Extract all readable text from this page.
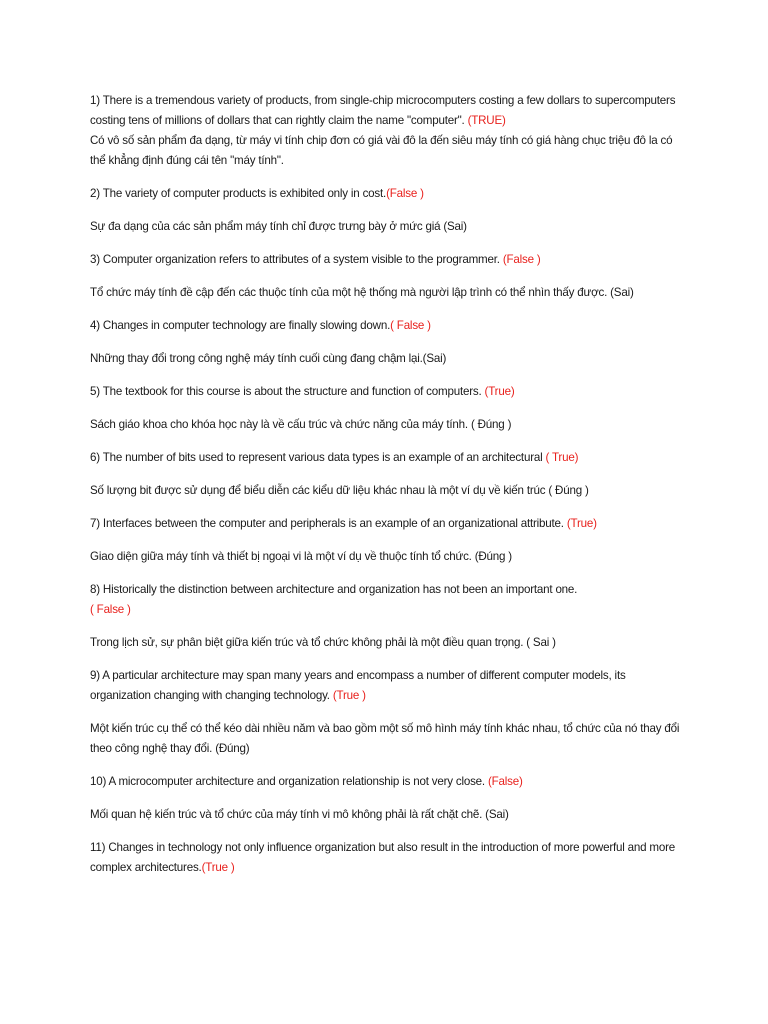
1) There is a tremendous variety of products, from single-chip microcomputers costing a few dollars to supercomputers costing tens of millions of dollars that can rightly claim the name "computer". (TRUE)
Có vô số sản phẩm đa dạng, từ máy vi tính chip đơn có giá vài đô la đến siêu máy tính có giá hàng chục triệu đô la có thể khẳng định đúng cái tên "máy tính".
2) The variety of computer products is exhibited only in cost.(False )
Sự đa dạng của các sản phẩm máy tính chỉ được trưng bày ở mức giá (Sai)
3) Computer organization refers to attributes of a system visible to the programmer. (False )
Tổ chức máy tính đề cập đến các thuộc tính của một hệ thống mà người lập trình có thể nhìn thấy được. (Sai)
4) Changes in computer technology are finally slowing down.( False )
Những thay đổi trong công nghệ máy tính cuối cùng đang chậm lại.(Sai)
5) The textbook for this course is about the structure and function of computers. (True)
Sách giáo khoa cho khóa học này là về cấu trúc và chức năng của máy tính. ( Đúng )
6) The number of bits used to represent various data types is an example of an architectural ( True)
Số lượng bit được sử dụng để biểu diễn các kiểu dữ liệu khác nhau là một ví dụ về kiến trúc ( Đúng )
7) Interfaces between the computer and peripherals is an example of an organizational attribute. (True)
Giao diện giữa máy tính và thiết bị ngoại vi là một ví dụ về thuộc tính tổ chức. (Đúng )
8) Historically the distinction between architecture and organization has not been an important one.
( False )
Trong lịch sử, sự phân biệt giữa kiến trúc và tổ chức không phải là một điều quan trọng. ( Sai )
9) A particular architecture may span many years and encompass a number of different computer models, its organization changing with changing technology. (True )
Một kiến trúc cụ thể có thể kéo dài nhiều năm và bao gồm một số mô hình máy tính khác nhau, tổ chức của nó thay đổi theo công nghệ thay đổi. (Đúng)
10) A microcomputer architecture and organization relationship is not very close. (False)
Mối quan hệ kiến trúc và tổ chức của máy tính vi mô không phải là rất chặt chẽ. (Sai)
11) Changes in technology not only influence organization but also result in the introduction of more powerful and more complex architectures.(True )
